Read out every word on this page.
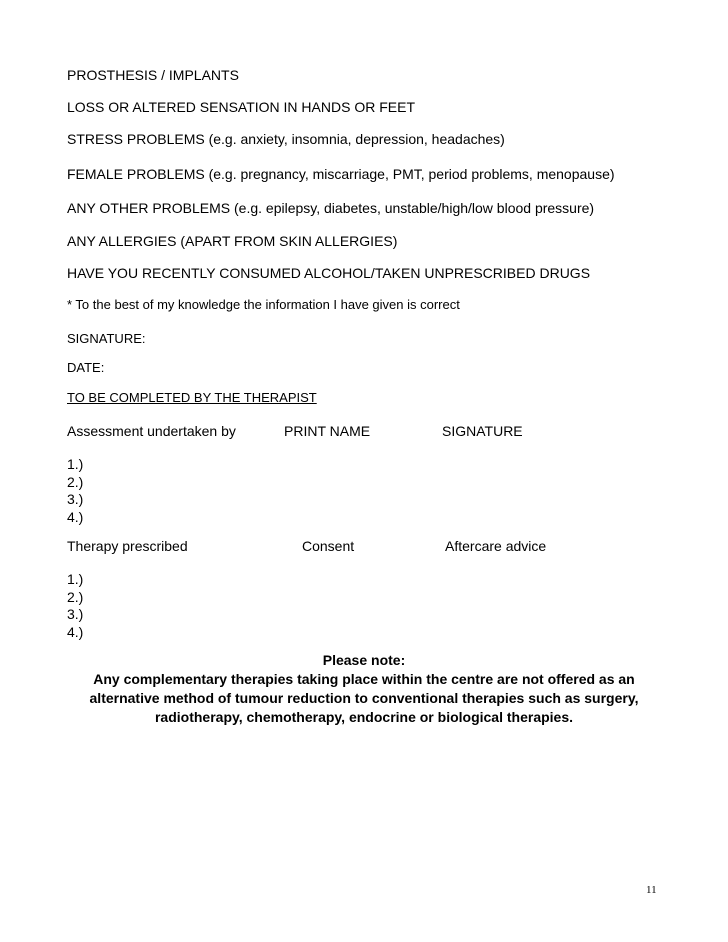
PROSTHESIS / IMPLANTS
LOSS OR ALTERED SENSATION IN HANDS OR FEET
STRESS PROBLEMS (e.g. anxiety, insomnia, depression, headaches)
FEMALE PROBLEMS (e.g. pregnancy, miscarriage, PMT, period problems, menopause)
ANY OTHER PROBLEMS (e.g. epilepsy, diabetes, unstable/high/low blood pressure)
ANY ALLERGIES (APART FROM SKIN ALLERGIES)
HAVE YOU RECENTLY CONSUMED ALCOHOL/TAKEN UNPRESCRIBED DRUGS
* To the best of my knowledge the information I have given is correct
SIGNATURE:
DATE:
TO BE COMPLETED BY THE THERAPIST
Assessment undertaken by	PRINT NAME	SIGNATURE
1.)
2.)
3.)
4.)
Therapy prescribed	Consent	Aftercare advice
1.)
2.)
3.)
4.)
Please note:
Any complementary therapies taking place within the centre are not offered as an
alternative method of tumour reduction to conventional therapies such as surgery,
radiotherapy, chemotherapy, endocrine or biological therapies.
11
